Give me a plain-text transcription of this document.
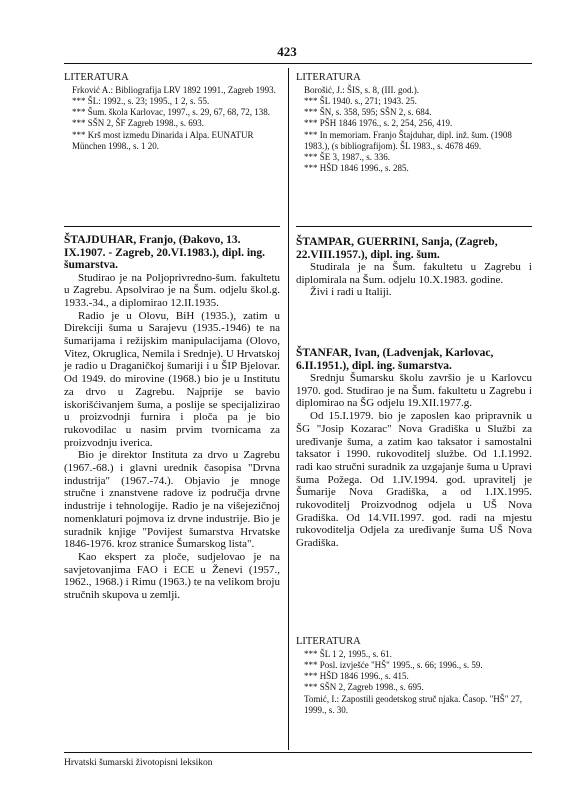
423

LITERATURA

Frković A.: Bibliografija LRV 1892 1991., Zagreb 1993.

*** ŠL: 1992., s. 23; 1995., 1 2, s. 55.

*** Šum. škola Karlovac, 1997., s. 29, 67, 68, 72, 138.

*** SŠN 2, ŠF Zagreb 1998., s. 693.

*** Krš most izmedu Dinarida i Alpa. EUNATUR München 1998., s. 1 20.

ŠTAJDUHAR, Franjo, (Đakovo, 13. IX.1907. - Zagreb, 20.VI.1983.), dipl. ing. šumarstva.

Studirao je na Poljoprivredno-šum. fakultetu u Zagrebu. Apsolvirao je na Šum. odjelu škol.g. 1933.-34., a diplomirao 12.II.1935.

Radio je u Olovu, BiH (1935.), zatim u Direkciji šuma u Sarajevu (1935.-1946) te na šumarijama i režijskim manipulacijama (Olovo, Vitez, Okruglica, Nemila i Srednje). U Hrvatskoj je radio u Draganičkoj šumariji i u ŠIP Bjelovar. Od 1949. do mirovine (1968.) bio je u Institutu za drvo u Zagrebu. Najprije se bavio iskorišćivanjem šuma, a poslije se specijalizirao u proizvodnji furnira i ploča pa je bio rukovodilac u nasim prvim tvornicama za proizvodnju iverica.

Bio je direktor Instituta za drvo u Zagrebu (1967.-68.) i glavni urednik časopisa "Drvna industrija" (1967.-74.). Objavio je mnoge stručne i znanstvene radove iz područja drvne industrije i tehnologije. Radio je na višejezičnoj nomenklaturi pojmova iz drvne industrije. Bio je suradnik knjige "Povijest šumarstva Hrvatske 1846-1976. kroz stranice Šumarskog lista".

Kao ekspert za ploče, sudjelovao je na savjetovanjima FAO i ECE u Ženevi (1957., 1962., 1968.) i Rimu (1963.) te na velikom broju stručnih skupova u zemlji.

LITERATURA

Borošić, J.: ŠIS, s. 8, (III. god.).

*** ŠL 1940. s., 271; 1943. 25.

*** ŠN, s. 358, 595; SŠN 2, s. 684.

*** PŠH 1846 1976., s. 2, 254, 256, 419.

*** In memoriam. Franjo Štajduhar, dipl. inž. šum. (1908 1983.), (s bibliografijom). ŠL 1983., s. 4678 469.

*** ŠE 3, 1987., s. 336.

*** HŠD 1846 1996., s. 285.

ŠTAMPAR, GUERRINI, Sanja, (Zagreb, 22.VIII.1957.), dipl. ing. šum.

Studirala je na Šum. fakultetu u Zagrebu i diplomirala na Šum. odjelu 10.X.1983. godine.

Živi i radi u Italiji.

ŠTANFAR, Ivan, (Ladvenjak, Karlovac, 6.II.1951.), dipl. ing. šumarstva.

Srednju Šumarsku školu završio je u Karlovcu 1970. god. Studirao je na Šum. fakultetu u Zagrebu i diplomirao na ŠG odjelu 19.XII.1977.g.

Od 15.I.1979. bio je zaposlen kao pripravnik u ŠG "Josip Kozarac" Nova Gradiška u Službi za uređivanje šuma, a zatim kao taksator i samostalni taksator i 1990. rukovoditelj službe. Od 1.I.1992. radi kao stručni suradnik za uzgajanje šuma u Upravi šuma Požega. Od 1.IV.1994. god. upravitelj je Šumarije Nova Gradiška, a od 1.IX.1995. rukovoditelj Proizvodnog odjela u UŠ Nova Gradiška. Od 14.VII.1997. god. radi na mjestu rukovoditelja Odjela za uređivanje šuma UŠ Nova Gradiška.

LITERATURA

*** ŠL 1 2, 1995., s. 61.

*** Posl. izvješće "HŠ" 1995., s. 66; 1996., s. 59.

*** HŠD 1846 1996., s. 415.

*** SŠN 2, Zagreb 1998., s. 695.

Tomić, I.: Zapostili geodetskog struč njaka. Časop. "HŠ" 27, 1999., s. 30.

Hrvatski šumarski životopisni leksikon
